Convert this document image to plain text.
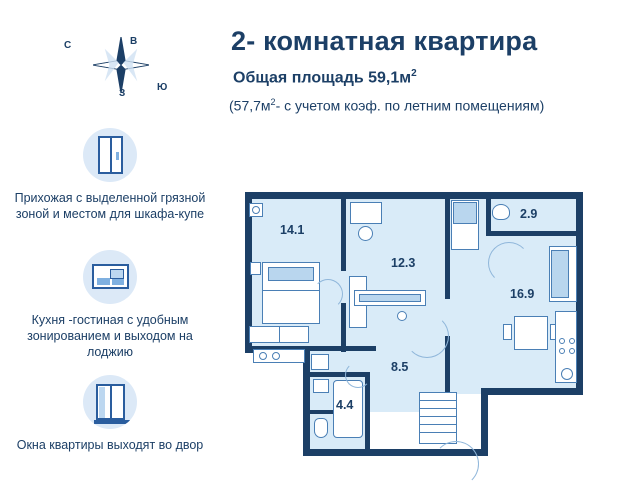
В
С
З
Ю
2- комнатная квартира
Общая площадь $59,1м^2$
($57,7м^2-$ с учетом коэф. по летним помещениям)
Прихожая с выделенной грязной зоной и местом для шкафа-купе
Кухня -гостиная с удобным зонированием и выходом на лоджию
Окна квартиры выходят во двор
14.1
12.3
16.9
8.5
4.4
2.9
